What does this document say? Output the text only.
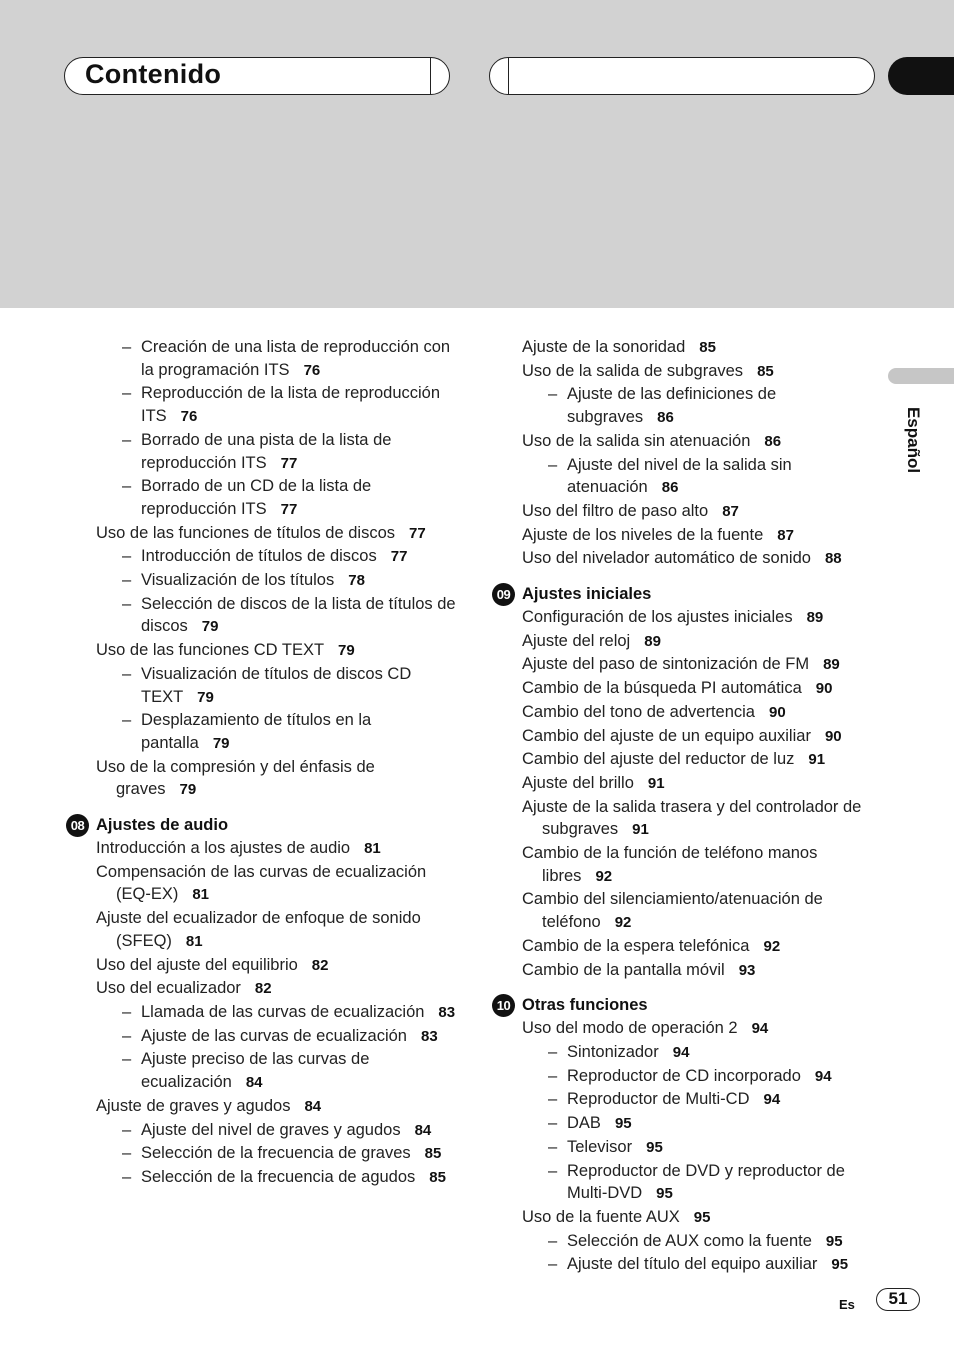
Contenido
Español

– Creación de una lista de reproducción con la programación ITS 76

– Reproducción de la lista de reproducción ITS 76

– Borrado de una pista de la lista de reproducción ITS 77

– Borrado de un CD de la lista de reproducción ITS 77

Uso de las funciones de títulos de discos 77

– Introducción de títulos de discos 77

– Visualización de los títulos 78

– Selección de discos de la lista de títulos de discos 79

Uso de las funciones CD TEXT 79

– Visualización de títulos de discos CD TEXT 79

– Desplazamiento de títulos en la pantalla 79

Uso de la compresión y del énfasis de graves 79

08 Ajustes de audio

Introducción a los ajustes de audio 81

Compensación de las curvas de ecualización (EQ-EX) 81

Ajuste del ecualizador de enfoque de sonido (SFEQ) 81

Uso del ajuste del equilibrio 82

Uso del ecualizador 82

– Llamada de las curvas de ecualización 83

– Ajuste de las curvas de ecualización 83

– Ajuste preciso de las curvas de ecualización 84

Ajuste de graves y agudos 84

– Ajuste del nivel de graves y agudos 84

– Selección de la frecuencia de graves 85

– Selección de la frecuencia de agudos 85

Ajuste de la sonoridad 85

Uso de la salida de subgraves 85

– Ajuste de las definiciones de subgraves 86

Uso de la salida sin atenuación 86

– Ajuste del nivel de la salida sin atenuación 86

Uso del filtro de paso alto 87

Ajuste de los niveles de la fuente 87

Uso del nivelador automático de sonido 88

09 Ajustes iniciales

Configuración de los ajustes iniciales 89

Ajuste del reloj 89

Ajuste del paso de sintonización de FM 89

Cambio de la búsqueda PI automática 90

Cambio del tono de advertencia 90

Cambio del ajuste de un equipo auxiliar 90

Cambio del ajuste del reductor de luz 91

Ajuste del brillo 91

Ajuste de la salida trasera y del controlador de subgraves 91

Cambio de la función de teléfono manos libres 92

Cambio del silenciamiento/atenuación de teléfono 92

Cambio de la espera telefónica 92

Cambio de la pantalla móvil 93

10 Otras funciones

Uso del modo de operación 2 94

– Sintonizador 94

– Reproductor de CD incorporado 94

– Reproductor de Multi-CD 94

– DAB 95

– Televisor 95

– Reproductor de DVD y reproductor de Multi-DVD 95

Uso de la fuente AUX 95

– Selección de AUX como la fuente 95

– Ajuste del título del equipo auxiliar 95

Es	51
